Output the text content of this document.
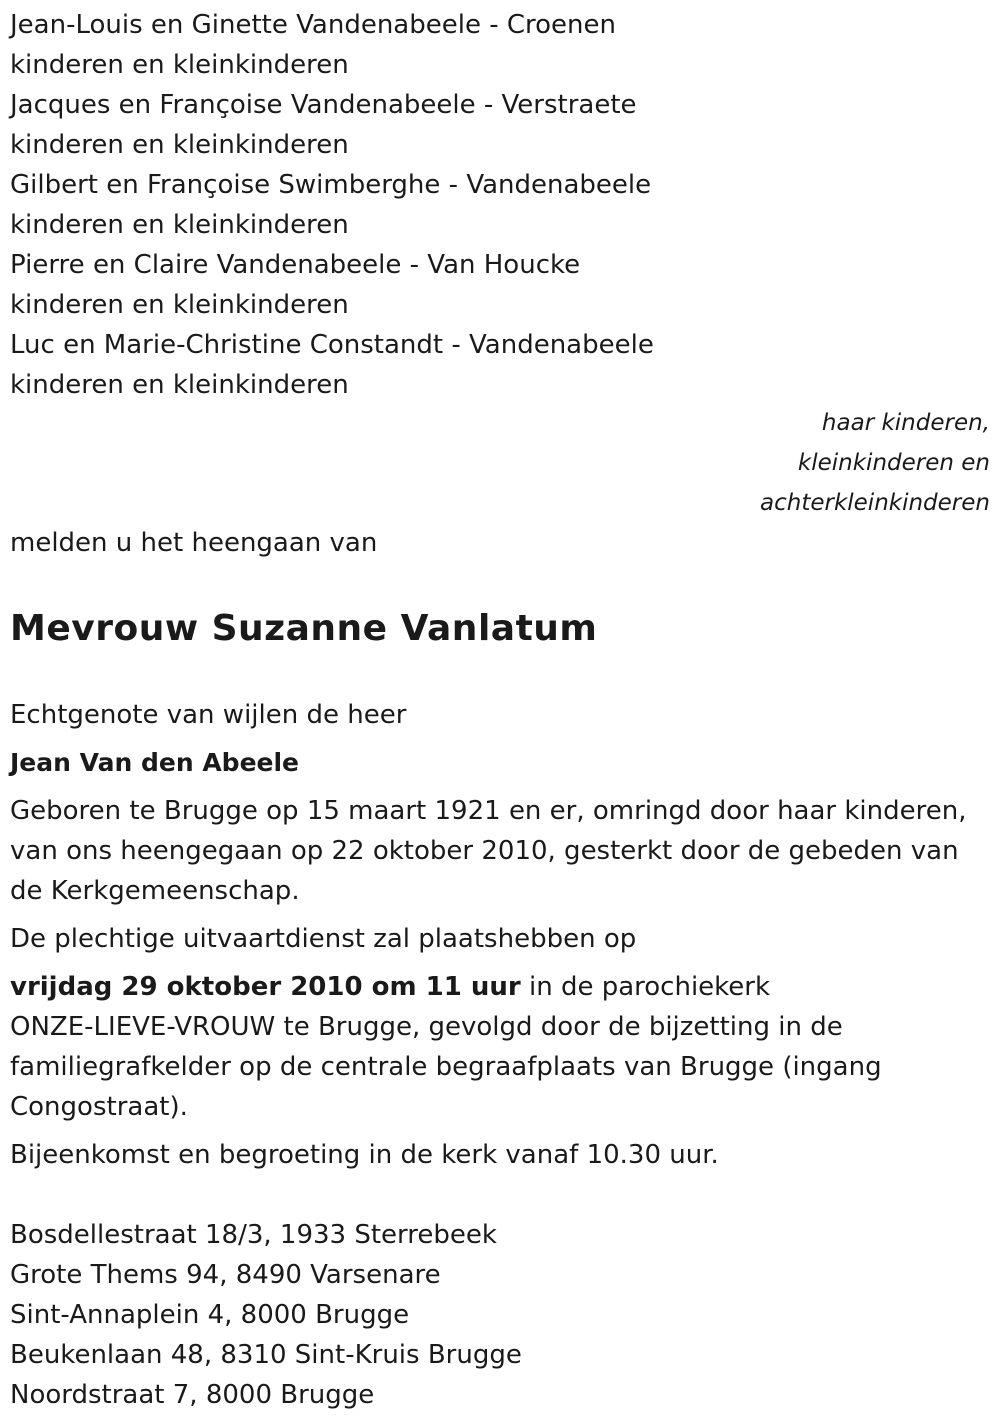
Jean-Louis en Ginette Vandenabeele - Croenen
kinderen en kleinkinderen
Jacques en Françoise Vandenabeele - Verstraete
kinderen en kleinkinderen
Gilbert en Françoise Swimberghe - Vandenabeele
kinderen en kleinkinderen
Pierre en Claire Vandenabeele - Van Houcke
kinderen en kleinkinderen
Luc en Marie-Christine Constandt - Vandenabeele
kinderen en kleinkinderen
haar kinderen,
kleinkinderen en
achterkleinkinderen
melden u het heengaan van
Mevrouw Suzanne Vanlatum
Echtgenote van wijlen de heer
Jean Van den Abeele
Geboren te Brugge op 15 maart 1921 en er, omringd door haar kinderen,
van ons heengegaan op 22 oktober 2010, gesterkt door de gebeden van
de Kerkgemeenschap.
De plechtige uitvaartdienst zal plaatshebben op
vrijdag 29 oktober 2010 om 11 uur in de parochiekerk
ONZE-LIEVE-VROUW te Brugge, gevolgd door de bijzetting in de
familiegrafkelder op de centrale begraafplaats van Brugge (ingang
Congostraat).
Bijeenkomst en begroeting in de kerk vanaf 10.30 uur.
Bosdellestraat 18/3, 1933 Sterrebeek
Grote Thems 94, 8490 Varsenare
Sint-Annaplein 4, 8000 Brugge
Beukenlaan 48, 8310 Sint-Kruis Brugge
Noordstraat 7, 8000 Brugge
